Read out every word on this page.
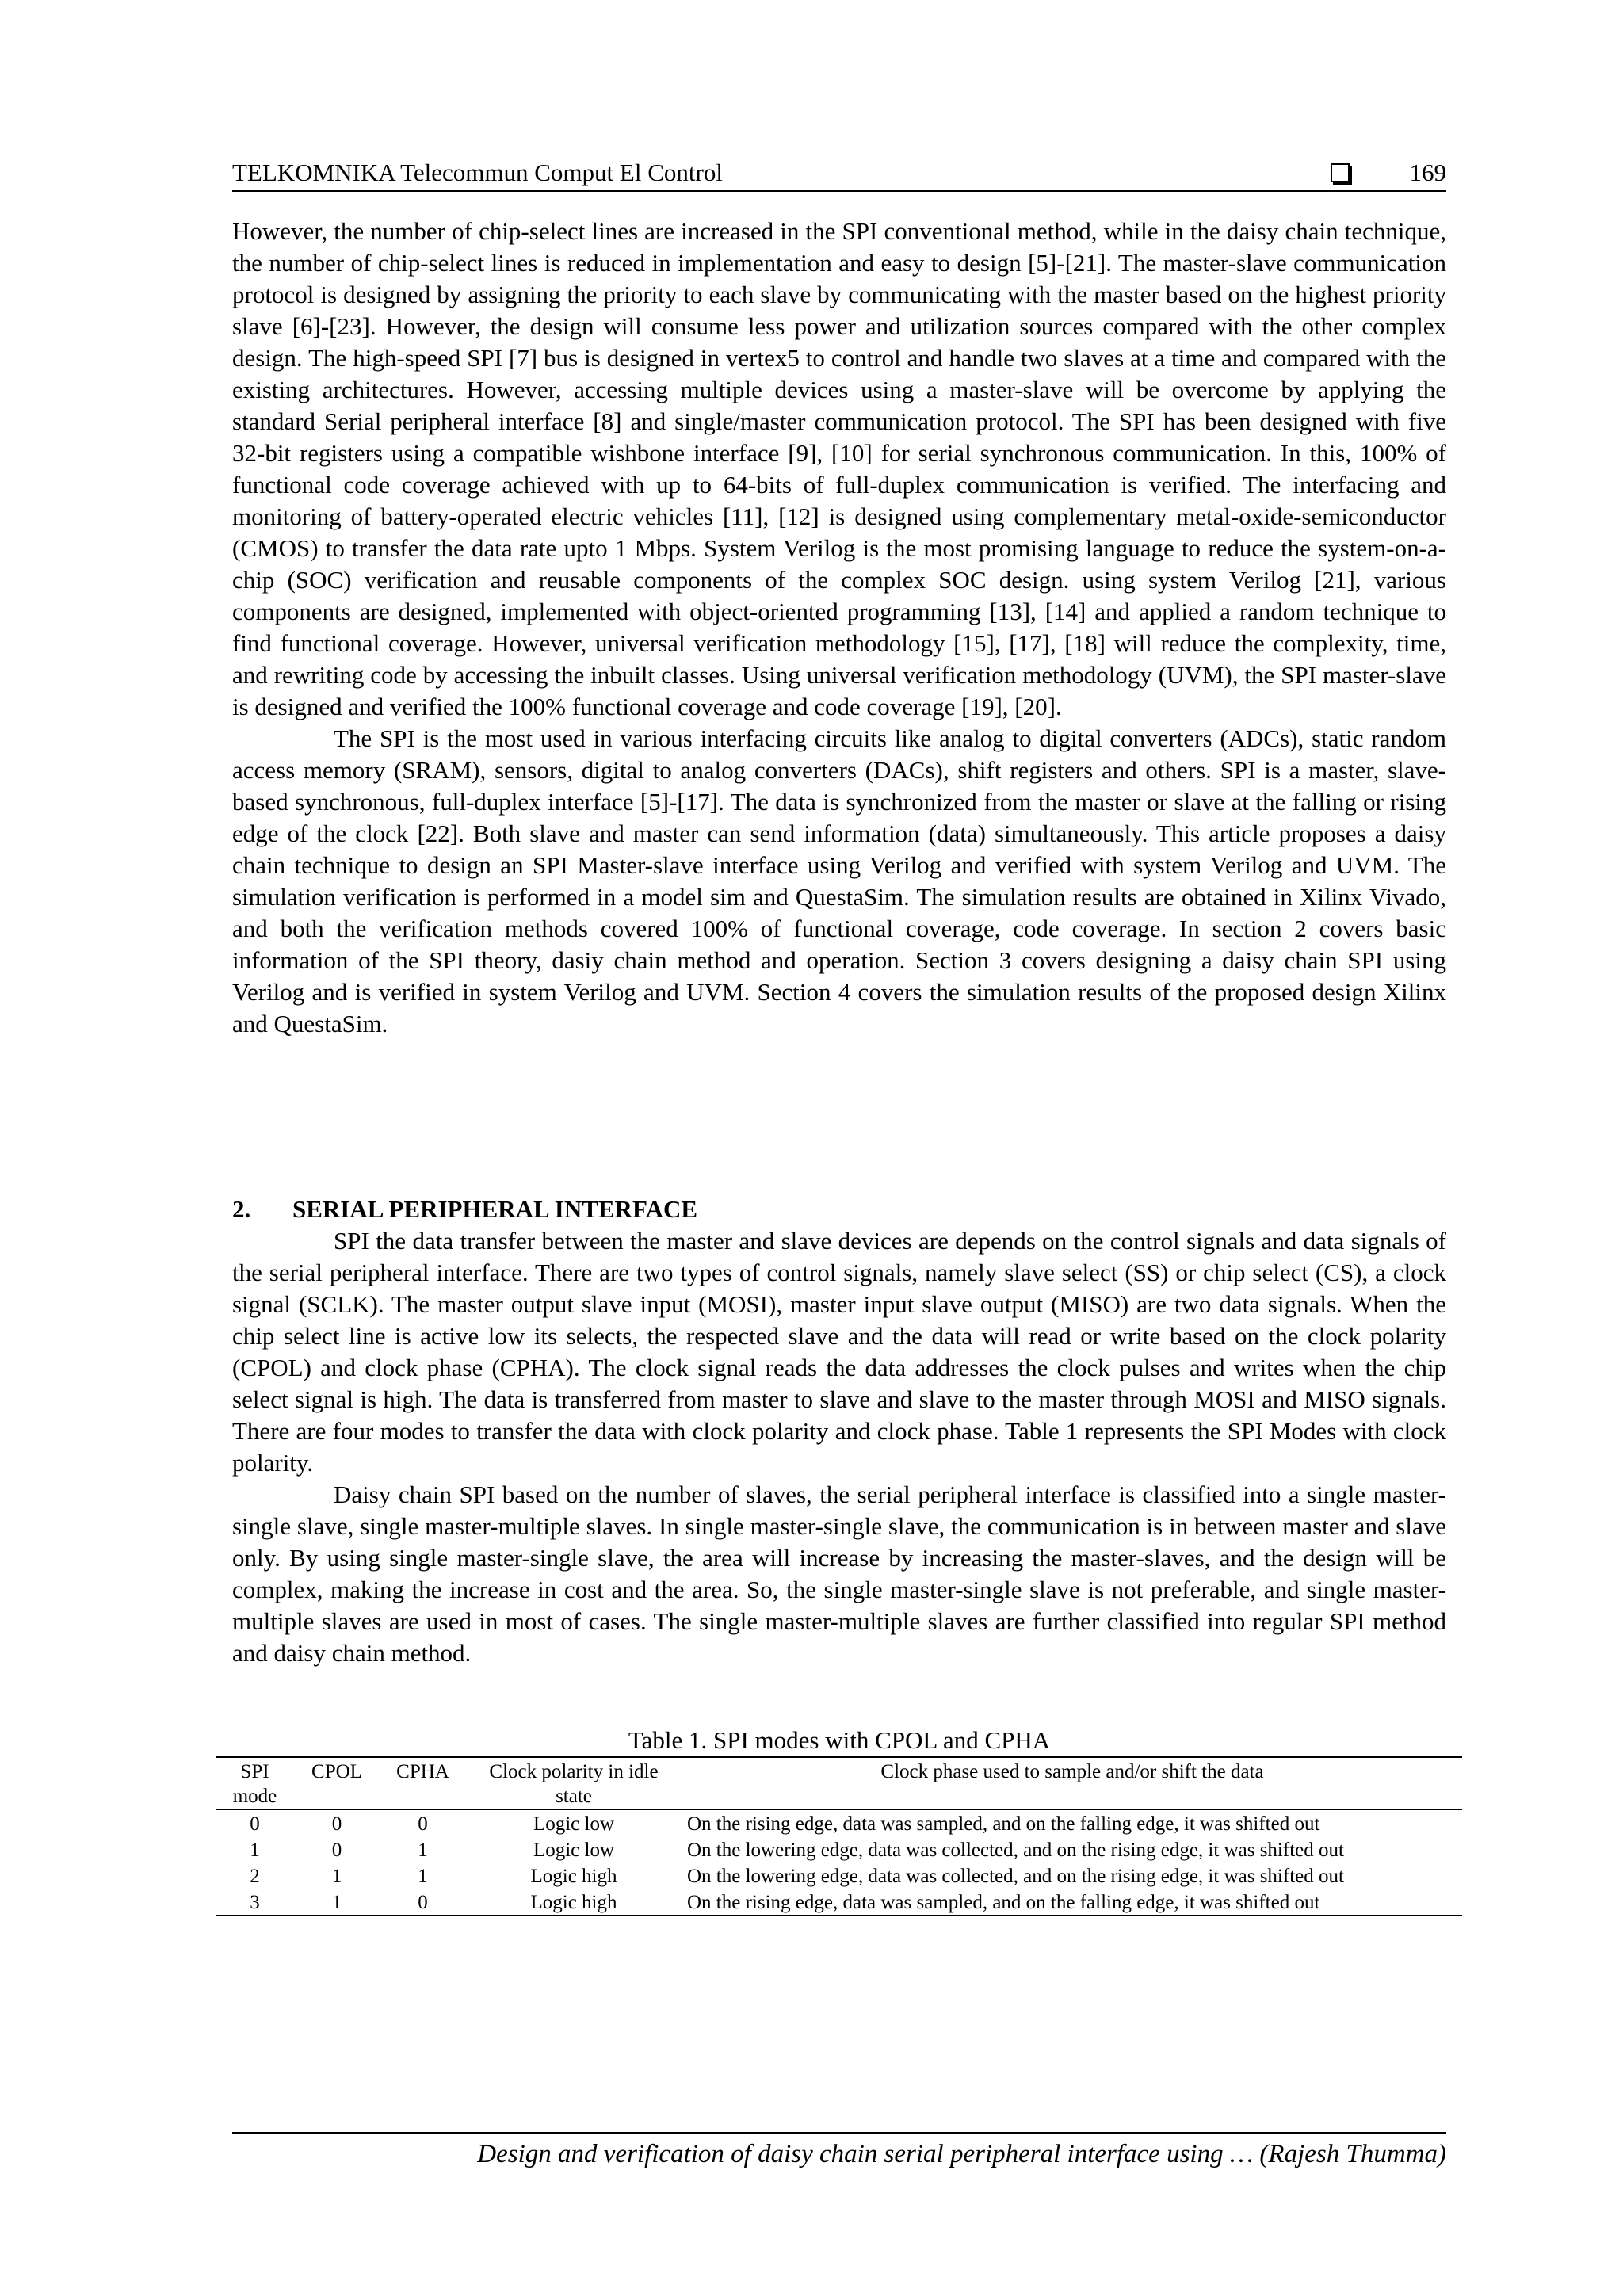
TELKOMNIKA Telecommun Comput El Control	169

However, the number of chip-select lines are increased in the SPI conventional method, while in the daisy chain technique, the number of chip-select lines is reduced in implementation and easy to design [5]-[21]. The master-slave communication protocol is designed by assigning the priority to each slave by communicating with the master based on the highest priority slave [6]-[23]. However, the design will consume less power and utilization sources compared with the other complex design. The high-speed SPI [7] bus is designed in vertex5 to control and handle two slaves at a time and compared with the existing architectures. However, accessing multiple devices using a master-slave will be overcome by applying the standard Serial peripheral interface [8] and single/master communication protocol. The SPI has been designed with five 32-bit registers using a compatible wishbone interface [9], [10] for serial synchronous communication. In this, 100% of functional code coverage achieved with up to 64-bits of full-duplex communication is verified. The interfacing and monitoring of battery-operated electric vehicles [11], [12] is designed using complementary metal-oxide-semiconductor (CMOS) to transfer the data rate upto 1 Mbps. System Verilog is the most promising language to reduce the system-on-a-chip (SOC) verification and reusable components of the complex SOC design. using system Verilog [21], various components are designed, implemented with object-oriented programming [13], [14] and applied a random technique to find functional coverage. However, universal verification methodology [15], [17], [18] will reduce the complexity, time, and rewriting code by accessing the inbuilt classes. Using universal verification methodology (UVM), the SPI master-slave is designed and verified the 100% functional coverage and code coverage [19], [20].

The SPI is the most used in various interfacing circuits like analog to digital converters (ADCs), static random access memory (SRAM), sensors, digital to analog converters (DACs), shift registers and others. SPI is a master, slave-based synchronous, full-duplex interface [5]-[17]. The data is synchronized from the master or slave at the falling or rising edge of the clock [22]. Both slave and master can send information (data) simultaneously. This article proposes a daisy chain technique to design an SPI Master-slave interface using Verilog and verified with system Verilog and UVM. The simulation verification is performed in a model sim and QuestaSim. The simulation results are obtained in Xilinx Vivado, and both the verification methods covered 100% of functional coverage, code coverage. In section 2 covers basic information of the SPI theory, dasiy chain method and operation. Section 3 covers designing a daisy chain SPI using Verilog and is verified in system Verilog and UVM. Section 4 covers the simulation results of the proposed design Xilinx and QuestaSim.

2. SERIAL PERIPHERAL INTERFACE

SPI the data transfer between the master and slave devices are depends on the control signals and data signals of the serial peripheral interface. There are two types of control signals, namely slave select (SS) or chip select (CS), a clock signal (SCLK). The master output slave input (MOSI), master input slave output (MISO) are two data signals. When the chip select line is active low its selects, the respected slave and the data will read or write based on the clock polarity (CPOL) and clock phase (CPHA). The clock signal reads the data addresses the clock pulses and writes when the chip select signal is high. The data is transferred from master to slave and slave to the master through MOSI and MISO signals. There are four modes to transfer the data with clock polarity and clock phase. Table 1 represents the SPI Modes with clock polarity.

Daisy chain SPI based on the number of slaves, the serial peripheral interface is classified into a single master-single slave, single master-multiple slaves. In single master-single slave, the communication is in between master and slave only. By using single master-single slave, the area will increase by increasing the master-slaves, and the design will be complex, making the increase in cost and the area. So, the single master-single slave is not preferable, and single master-multiple slaves are used in most of cases. The single master-multiple slaves are further classified into regular SPI method and daisy chain method.

Table 1. SPI modes with CPOL and CPHA
SPI mode	CPOL	CPHA	Clock polarity in idle state	Clock phase used to sample and/or shift the data
0	0	0	Logic low	On the rising edge, data was sampled, and on the falling edge, it was shifted out
1	0	1	Logic low	On the lowering edge, data was collected, and on the rising edge, it was shifted out
2	1	1	Logic high	On the lowering edge, data was collected, and on the rising edge, it was shifted out
3	1	0	Logic high	On the rising edge, data was sampled, and on the falling edge, it was shifted out
Design and verification of daisy chain serial peripheral interface using … (Rajesh Thumma)
